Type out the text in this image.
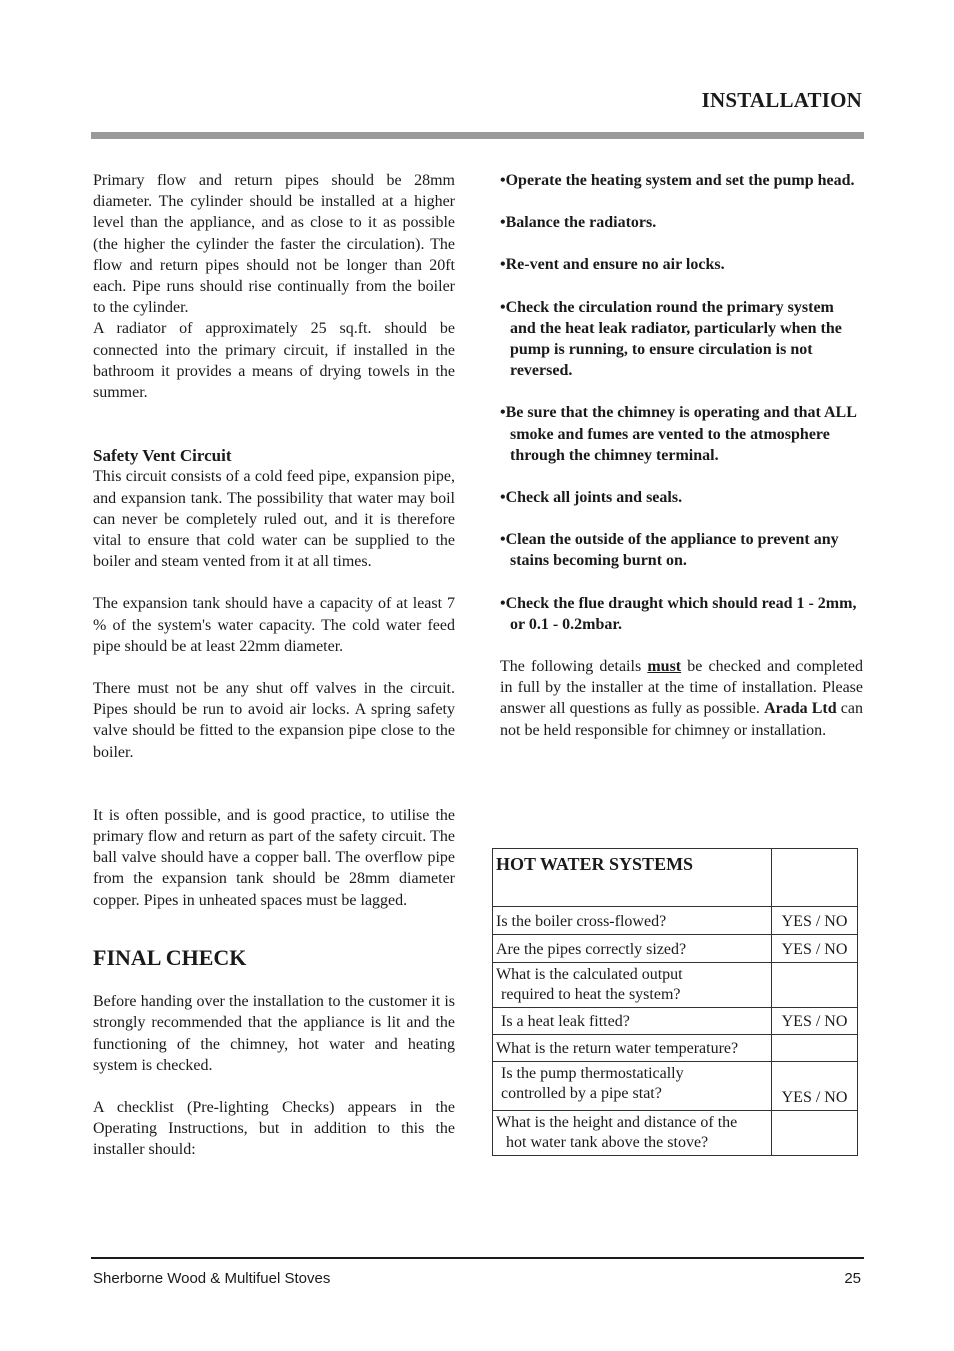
INSTALLATION

Primary flow and return pipes should be 28mm diameter. The cylinder should be installed at a higher level than the appliance, and as close to it as possible (the higher the cylinder the faster the circulation). The flow and return pipes should not be longer than 20ft each. Pipe runs should rise continually from the boiler to the cylinder.

A radiator of approximately 25 sq.ft. should be connected into the primary circuit, if installed in the bathroom it provides a means of drying towels in the summer.

Safety Vent Circuit

This circuit consists of a cold feed pipe, expansion pipe, and expansion tank. The possibility that water may boil can never be completely ruled out, and it is therefore vital to ensure that cold water can be supplied to the boiler and steam vented from it at all times.

The expansion tank should have a capacity of at least 7 % of the system's water capacity. The cold water feed pipe should be at least 22mm diameter.

There must not be any shut off valves in the circuit. Pipes should be run to avoid air locks. A spring safety valve should be fitted to the expansion pipe close to the boiler.

It is often possible, and is good practice, to utilise the primary flow and return as part of the safety circuit. The ball valve should have a copper ball. The overflow pipe from the expansion tank should be 28mm diameter copper. Pipes in unheated spaces must be lagged.

FINAL CHECK

Before handing over the installation to the customer it is strongly recommended that the appliance is lit and the functioning of the chimney, hot water and heating system is checked.

A checklist (Pre-lighting Checks) appears in the Operating Instructions, but in addition to this the installer should:

•Operate the heating system and set the pump head.

•Balance the radiators.

•Re-vent and ensure no air locks.

•Check the circulation round the primary system and the heat leak radiator, particularly when the pump is running, to ensure circulation is not reversed.

•Be sure that the chimney is operating and that ALL smoke and fumes are vented to the atmosphere through the chimney terminal.

•Check all joints and seals.

•Clean the outside of the appliance to prevent any stains becoming burnt on.

•Check the flue draught which should read 1 - 2mm, or 0.1 - 0.2mbar.

The following details must be checked and completed in full by the installer at the time of installation. Please answer all questions as fully as possible. Arada Ltd can not be held responsible for chimney or installation.

HOT WATER SYSTEMS	
Is the boiler cross-flowed?	YES / NO
Are the pipes correctly sized?	YES / NO
What is the calculated output
required to heat the system?	

Is a heat leak fitted?	YES / NO
What is the return water temperature?	

Is the pump thermostatically
controlled by a pipe stat?	YES / NO
What is the height and distance of the
hot water tank above the stove?	

Sherborne Wood & Multifuel Stoves	25
